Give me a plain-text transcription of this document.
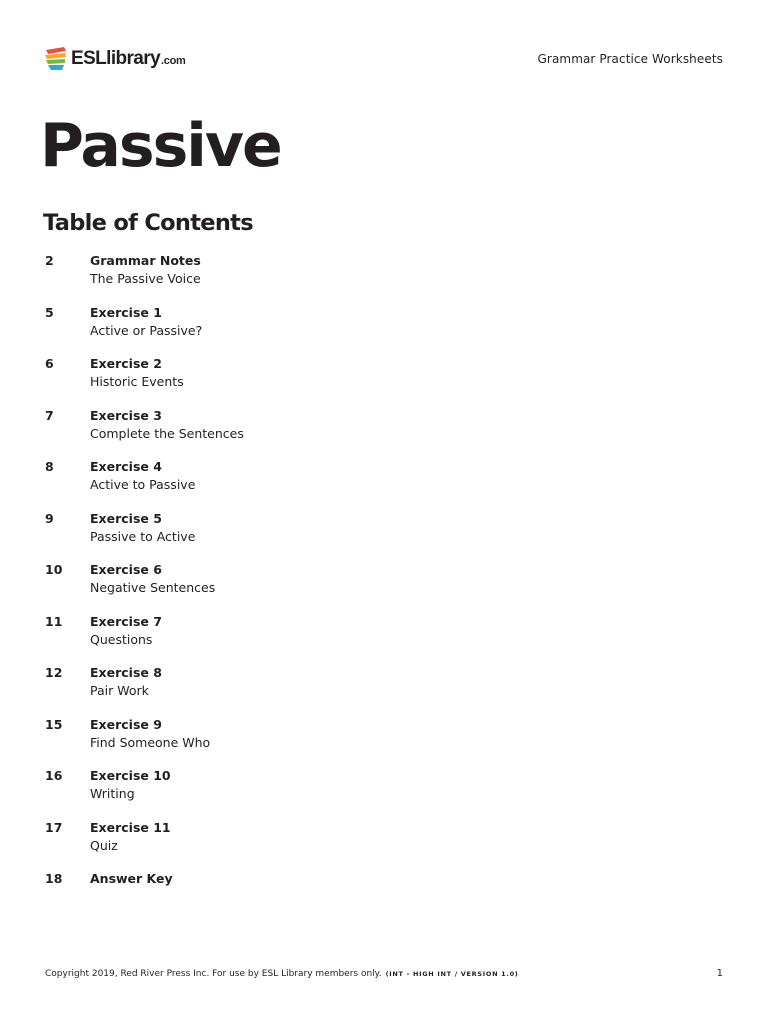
ESLlibrary .com	Grammar Practice Worksheets
Passive
Table of Contents
2	Grammar Notes
The Passive Voice
5	Exercise 1
Active or Passive?
6	Exercise 2
Historic Events
7	Exercise 3
Complete the Sentences
8	Exercise 4
Active to Passive
9	Exercise 5
Passive to Active
10 Exercise 6
Negative Sentences
11 Exercise 7
Questions
12 Exercise 8
Pair Work
15 Exercise 9
Find Someone Who
16 Exercise 10
Writing
17 Exercise 11
Quiz
18 Answer Key
Copyright 2019, Red River Press Inc. For use by ESL Library members only. (INT - HIGH INT / VERSION 1.0)	1
